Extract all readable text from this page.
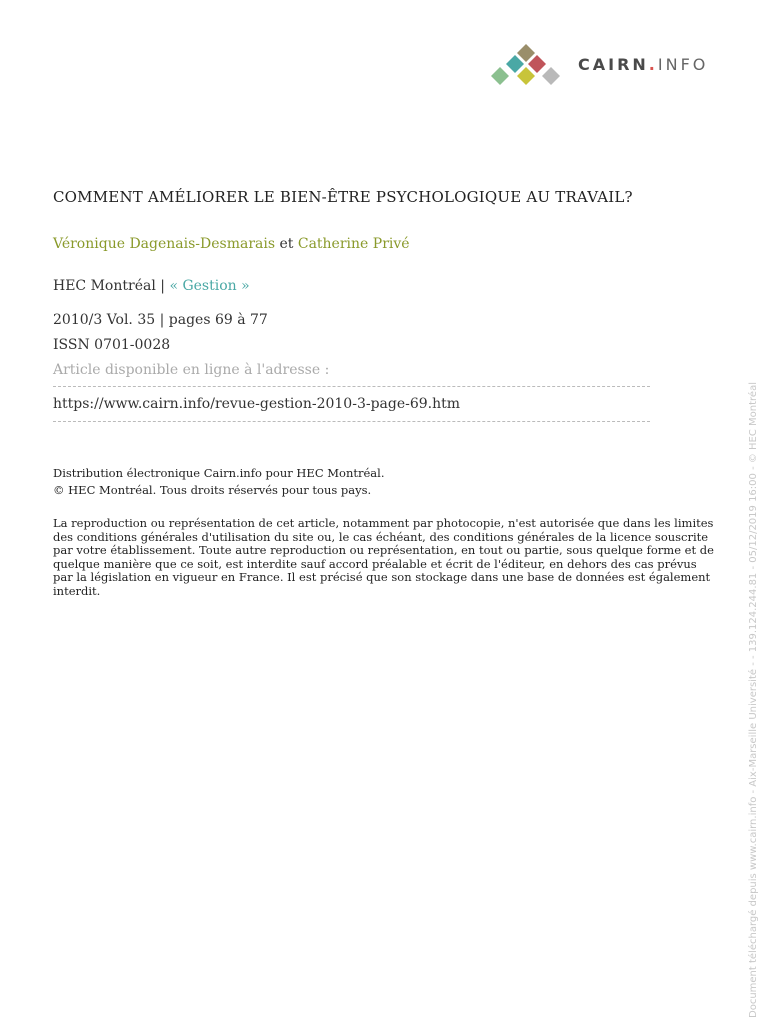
CAIRN.INFO
COMMENT AMÉLIORER LE BIEN-ÊTRE PSYCHOLOGIQUE AU TRAVAIL?
Véronique Dagenais-Desmarais et Catherine Privé
HEC Montréal | « Gestion »
2010/3 Vol. 35 | pages 69 à 77
ISSN 0701-0028
Article disponible en ligne à l'adresse :
https://www.cairn.info/revue-gestion-2010-3-page-69.htm
Distribution électronique Cairn.info pour HEC Montréal.
© HEC Montréal. Tous droits réservés pour tous pays.
La reproduction ou représentation de cet article, notamment par photocopie, n'est autorisée que dans les limites des conditions générales d'utilisation du site ou, le cas échéant, des conditions générales de la licence souscrite par votre établissement. Toute autre reproduction ou représentation, en tout ou partie, sous quelque forme et de quelque manière que ce soit, est interdite sauf accord préalable et écrit de l'éditeur, en dehors des cas prévus par la législation en vigueur en France. Il est précisé que son stockage dans une base de données est également interdit.	Document téléchargé depuis www.cairn.info - Aix-Marseille Université - - 139.124.244.81 - 05/12/2019 16:00 - © HEC Montréal
